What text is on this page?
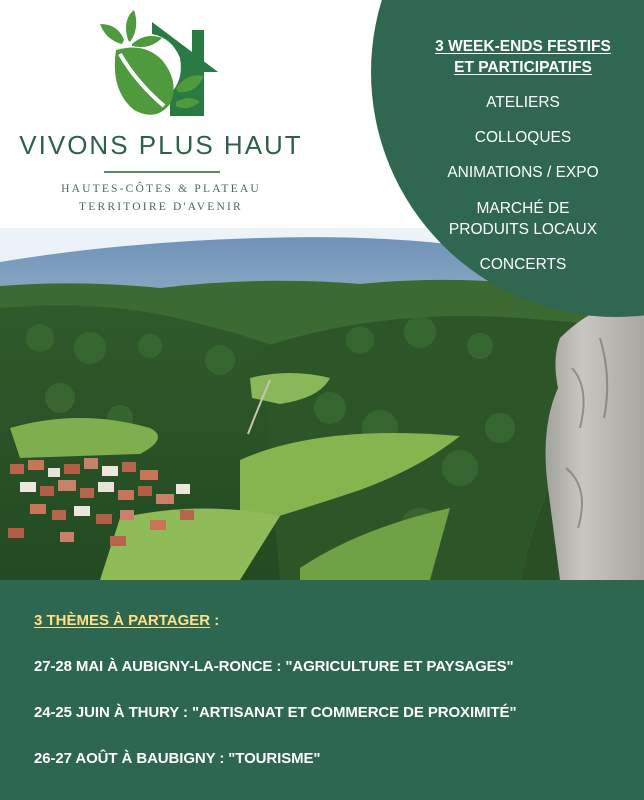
VIVONS PLUS HAUT
HAUTES-CÔTES & PLATEAU
TERRITOIRE D'AVENIR
3 WEEK-ENDS FESTIFS
ET PARTICIPATIFS
ATELIERS
COLLOQUES
ANIMATIONS / EXPO
MARCHÉ DE
PRODUITS LOCAUX
CONCERTS
3 THÈMES À PARTAGER :
27-28 MAI À AUBIGNY-LA-RONCE : "AGRICULTURE ET PAYSAGES"
24-25 JUIN À THURY : "ARTISANAT ET COMMERCE DE PROXIMITÉ"
26-27 AOÛT À BAUBIGNY : "TOURISME"
